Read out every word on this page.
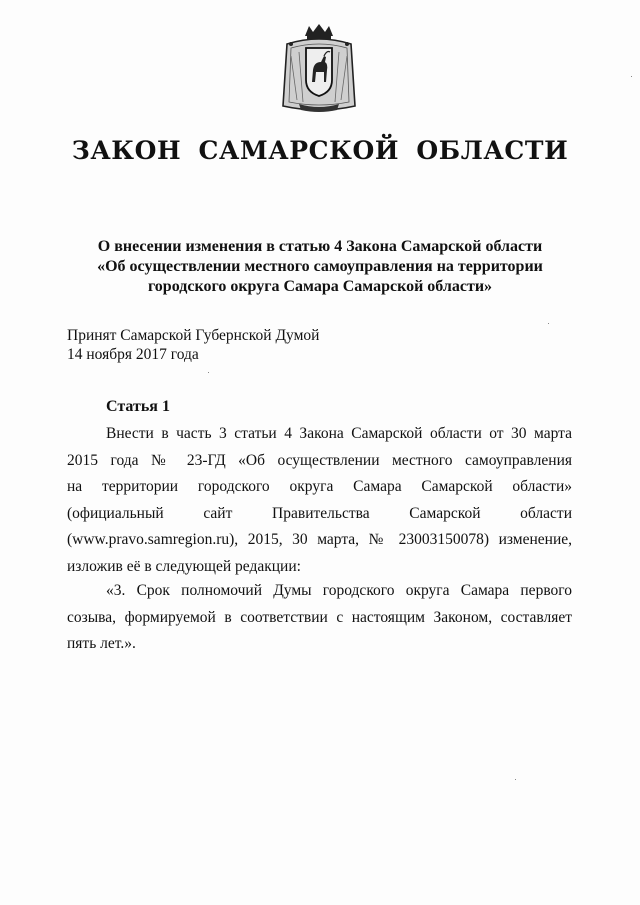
ЗАКОН САМАРСКОЙ ОБЛАСТИ
О внесении изменения в статью 4 Закона Самарской области
«Об осуществлении местного самоуправления на территории
городского округа Самара Самарской области»
Принят Самарской Губернской Думой
14 ноября 2017 года
Статья 1
Внести в часть 3 статьи 4 Закона Самарской области от 30 марта
2015 года № 23-ГД «Об осуществлении местного самоуправления
на территории городского округа Самара Самарской области»
(официальный сайт Правительства Самарской области
(www.pravo.samregion.ru), 2015, 30 марта, № 23003150078) изменение,
изложив её в следующей редакции:
«3. Срок полномочий Думы городского округа Самара первого
созыва, формируемой в соответствии с настоящим Законом, составляет
пять лет.».
